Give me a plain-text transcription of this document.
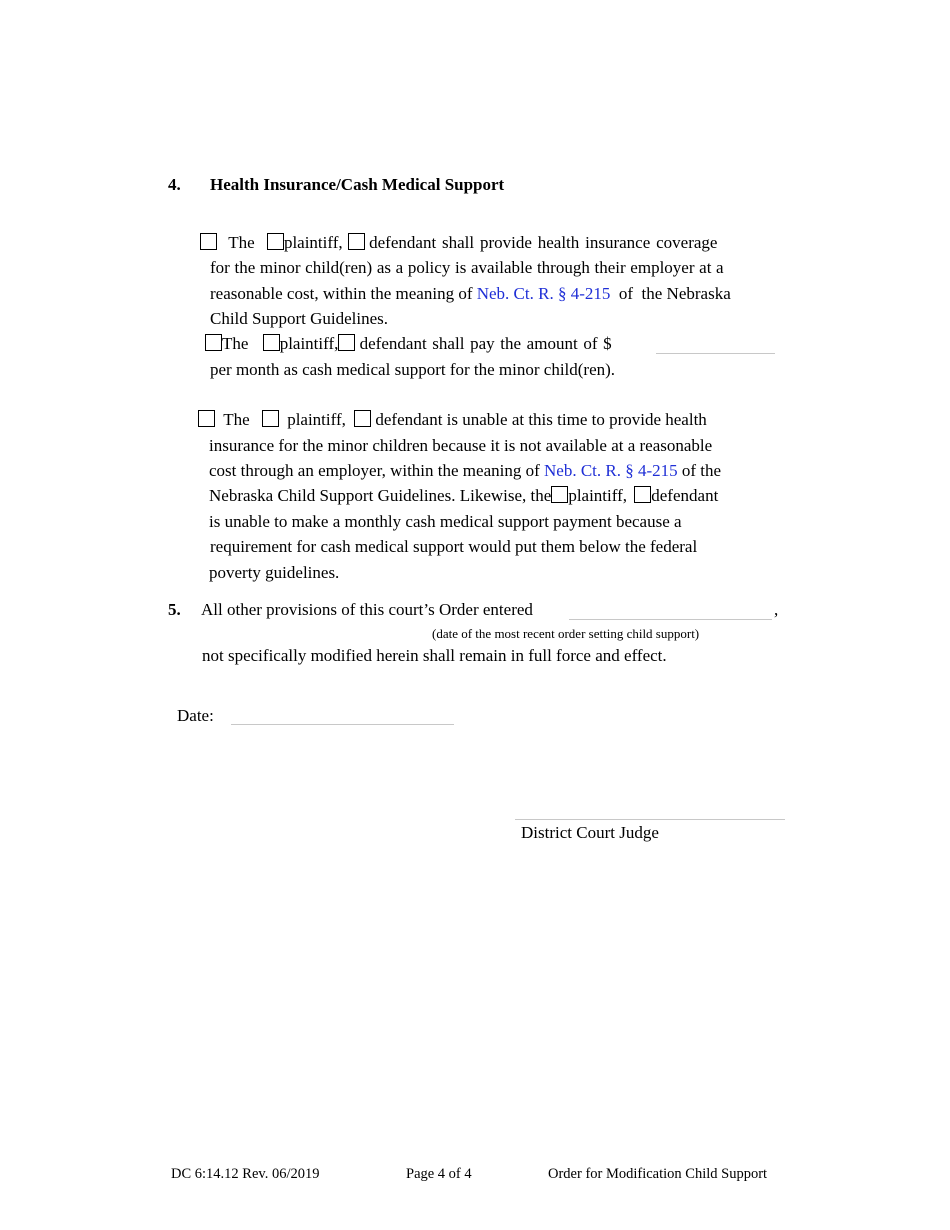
4. Health Insurance/Cash Medical Support
The plaintiff, defendant shall provide health insurance coverage
for the minor child(ren) as a policy is available through their employer at a
reasonable cost, within the meaning of Neb. Ct. R. § 4-215  of  the Nebraska
Child Support Guidelines.
The plaintiff, defendant shall pay the amount of $
per month as cash medical support for the minor child(ren).
The plaintiff, defendant is unable at this time to provide health
insurance for the minor children because it is not available at a reasonable
cost through an employer, within the meaning of Neb. Ct. R. § 4-215 of the
Nebraska Child Support Guidelines. Likewise, the plaintiff, defendant
is unable to make a monthly cash medical support payment because a
requirement for cash medical support would put them below the federal
poverty guidelines.
5. All other provisions of this court’s Order entered	,
(date of the most recent order setting child support)
not specifically modified herein shall remain in full force and effect.
Date:
District Court Judge
DC 6:14.12 Rev. 06/2019	Page 4 of 4	Order for Modification Child Support
